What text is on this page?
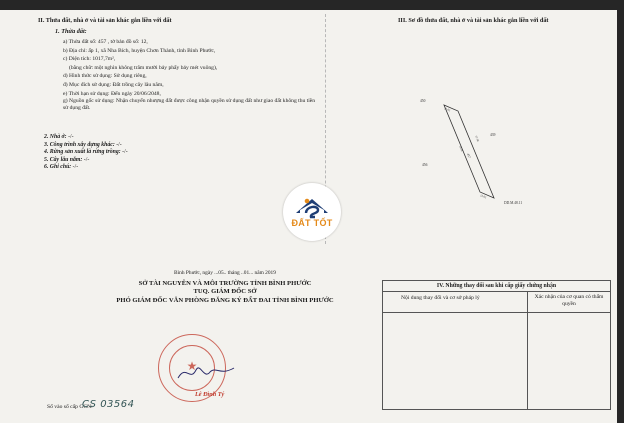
II. Thửa đất, nhà ở và tài sản khác gắn liền với đất	III. Sơ đồ thửa đất, nhà ở và tài sản khác gắn liền với đất
1. Thửa đất:
a) Thửa đất số: 457 , tờ bản đồ số: 12,
b) Địa chỉ: ấp 1, xã Nha Bích, huyện Chơn Thành, tỉnh Bình Phước,
c) Diện tích: 1017,7m²,
(bằng chữ: một nghìn không trăm mười bảy phẩy bảy mét vuông),
d) Hình thức sử dụng: Sử dụng riêng,
đ) Mục đích sử dụng: Đất trồng cây lâu năm,
e) Thời hạn sử dụng: Đến ngày 20/06/2048,
g) Nguồn gốc sử dụng: Nhận chuyển nhượng đất được công nhận quyền sử dụng đất như giao đất không thu tiền sử dụng đất.
2. Nhà ở: -/-
3. Công trình xây dựng khác: -/-
4. Rừng sản xuất là rừng trồng: -/-
5. Cây lâu năm: -/-
6. Ghi chú: -/-
450
439
456
12.02
79.01
77.06
12.02
457
DD.M.48.11
ĐẤT TỐT
Bình Phước, ngày ...05.. tháng ..01... năm 2019
SỞ TÀI NGUYÊN VÀ MÔI TRƯỜNG TỈNH BÌNH PHƯỚC
TUQ. GIÁM ĐỐC SỞ
PHÓ GIÁM ĐỐC VĂN PHÒNG ĐĂNG KÝ ĐẤT ĐAI TỈNH BÌNH PHƯỚC
★
Lê Đình Tý
Số vào sổ cấp GCN:
CS 03564
IV. Những thay đổi sau khi cấp giấy chứng nhận
Nội dung thay đổi và cơ sở pháp lý	Xác nhận của cơ quan có thẩm quyền
